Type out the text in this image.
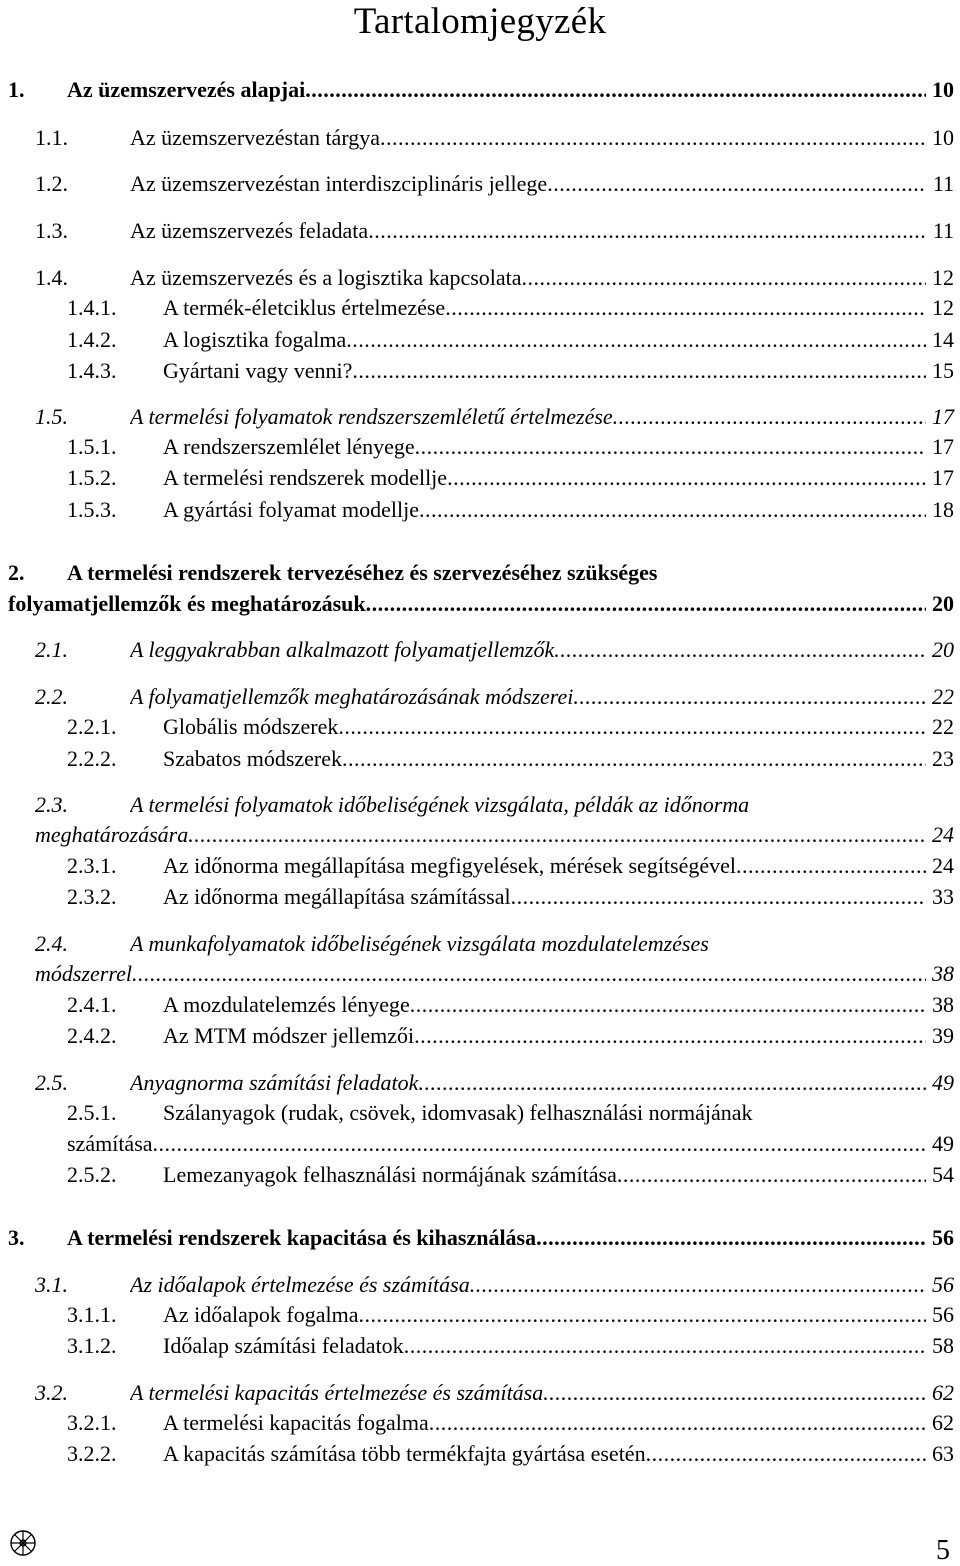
Tartalomjegyzék
1. Az üzemszervezés alapjai .....	10
1.1.	Az üzemszervezéstan tárgya .....	10
1.2.	Az üzemszervezéstan interdiszciplináris jellege .....	11
1.3.	Az üzemszervezés feladata .....	11
1.4.	Az üzemszervezés és a logisztika kapcsolata .....	12
1.4.1. A termék-életciklus értelmezése .....	12
1.4.2. A logisztika fogalma .....	14
1.4.3. Gyártani vagy venni? .....	15
1.5.	A termelési folyamatok rendszerszemléletű értelmezése .....	17
1.5.1. A rendszerszemlélet lényege .....	17
1.5.2. A termelési rendszerek modellje .....	17
1.5.3. A gyártási folyamat modellje .....	18
2. A termelési rendszerek tervezéséhez és szervezéséhez szükséges
folyamatjellemzők és meghatározásuk .....	20
2.1.	A leggyakrabban alkalmazott folyamatjellemzők .....	20
2.2.	A folyamatjellemzők meghatározásának módszerei .....	22
2.2.1. Globális módszerek .....	22
2.2.2. Szabatos módszerek .....	23
2.3.	A termelési folyamatok időbeliségének vizsgálata, példák az időnorma
meghatározására .....	24
2.3.1. Az időnorma megállapítása megfigyelések, mérések segítségével .....	24
2.3.2. Az időnorma megállapítása számítással .....	33
2.4.	A munkafolyamatok időbeliségének vizsgálata mozdulatelemzéses
módszerrel .....	38
2.4.1. A mozdulatelemzés lényege .....	38
2.4.2. Az MTM módszer jellemzői .....	39
2.5.	Anyagnorma számítási feladatok .....	49
2.5.1. Szálanyagok (rudak, csövek, idomvasak) felhasználási normájának
számítása .....	49
2.5.2. Lemezanyagok felhasználási normájának számítása .....	54
3. A termelési rendszerek kapacitása és kihasználása .....	56
3.1.	Az időalapok értelmezése és számítása .....	56
3.1.1. Az időalapok fogalma .....	56
3.1.2. Időalap számítási feladatok .....	58
3.2.	A termelési kapacitás értelmezése és számítása .....	62
3.2.1. A termelési kapacitás fogalma .....	62
3.2.2. A kapacitás számítása több termékfajta gyártása esetén .....	63
5
